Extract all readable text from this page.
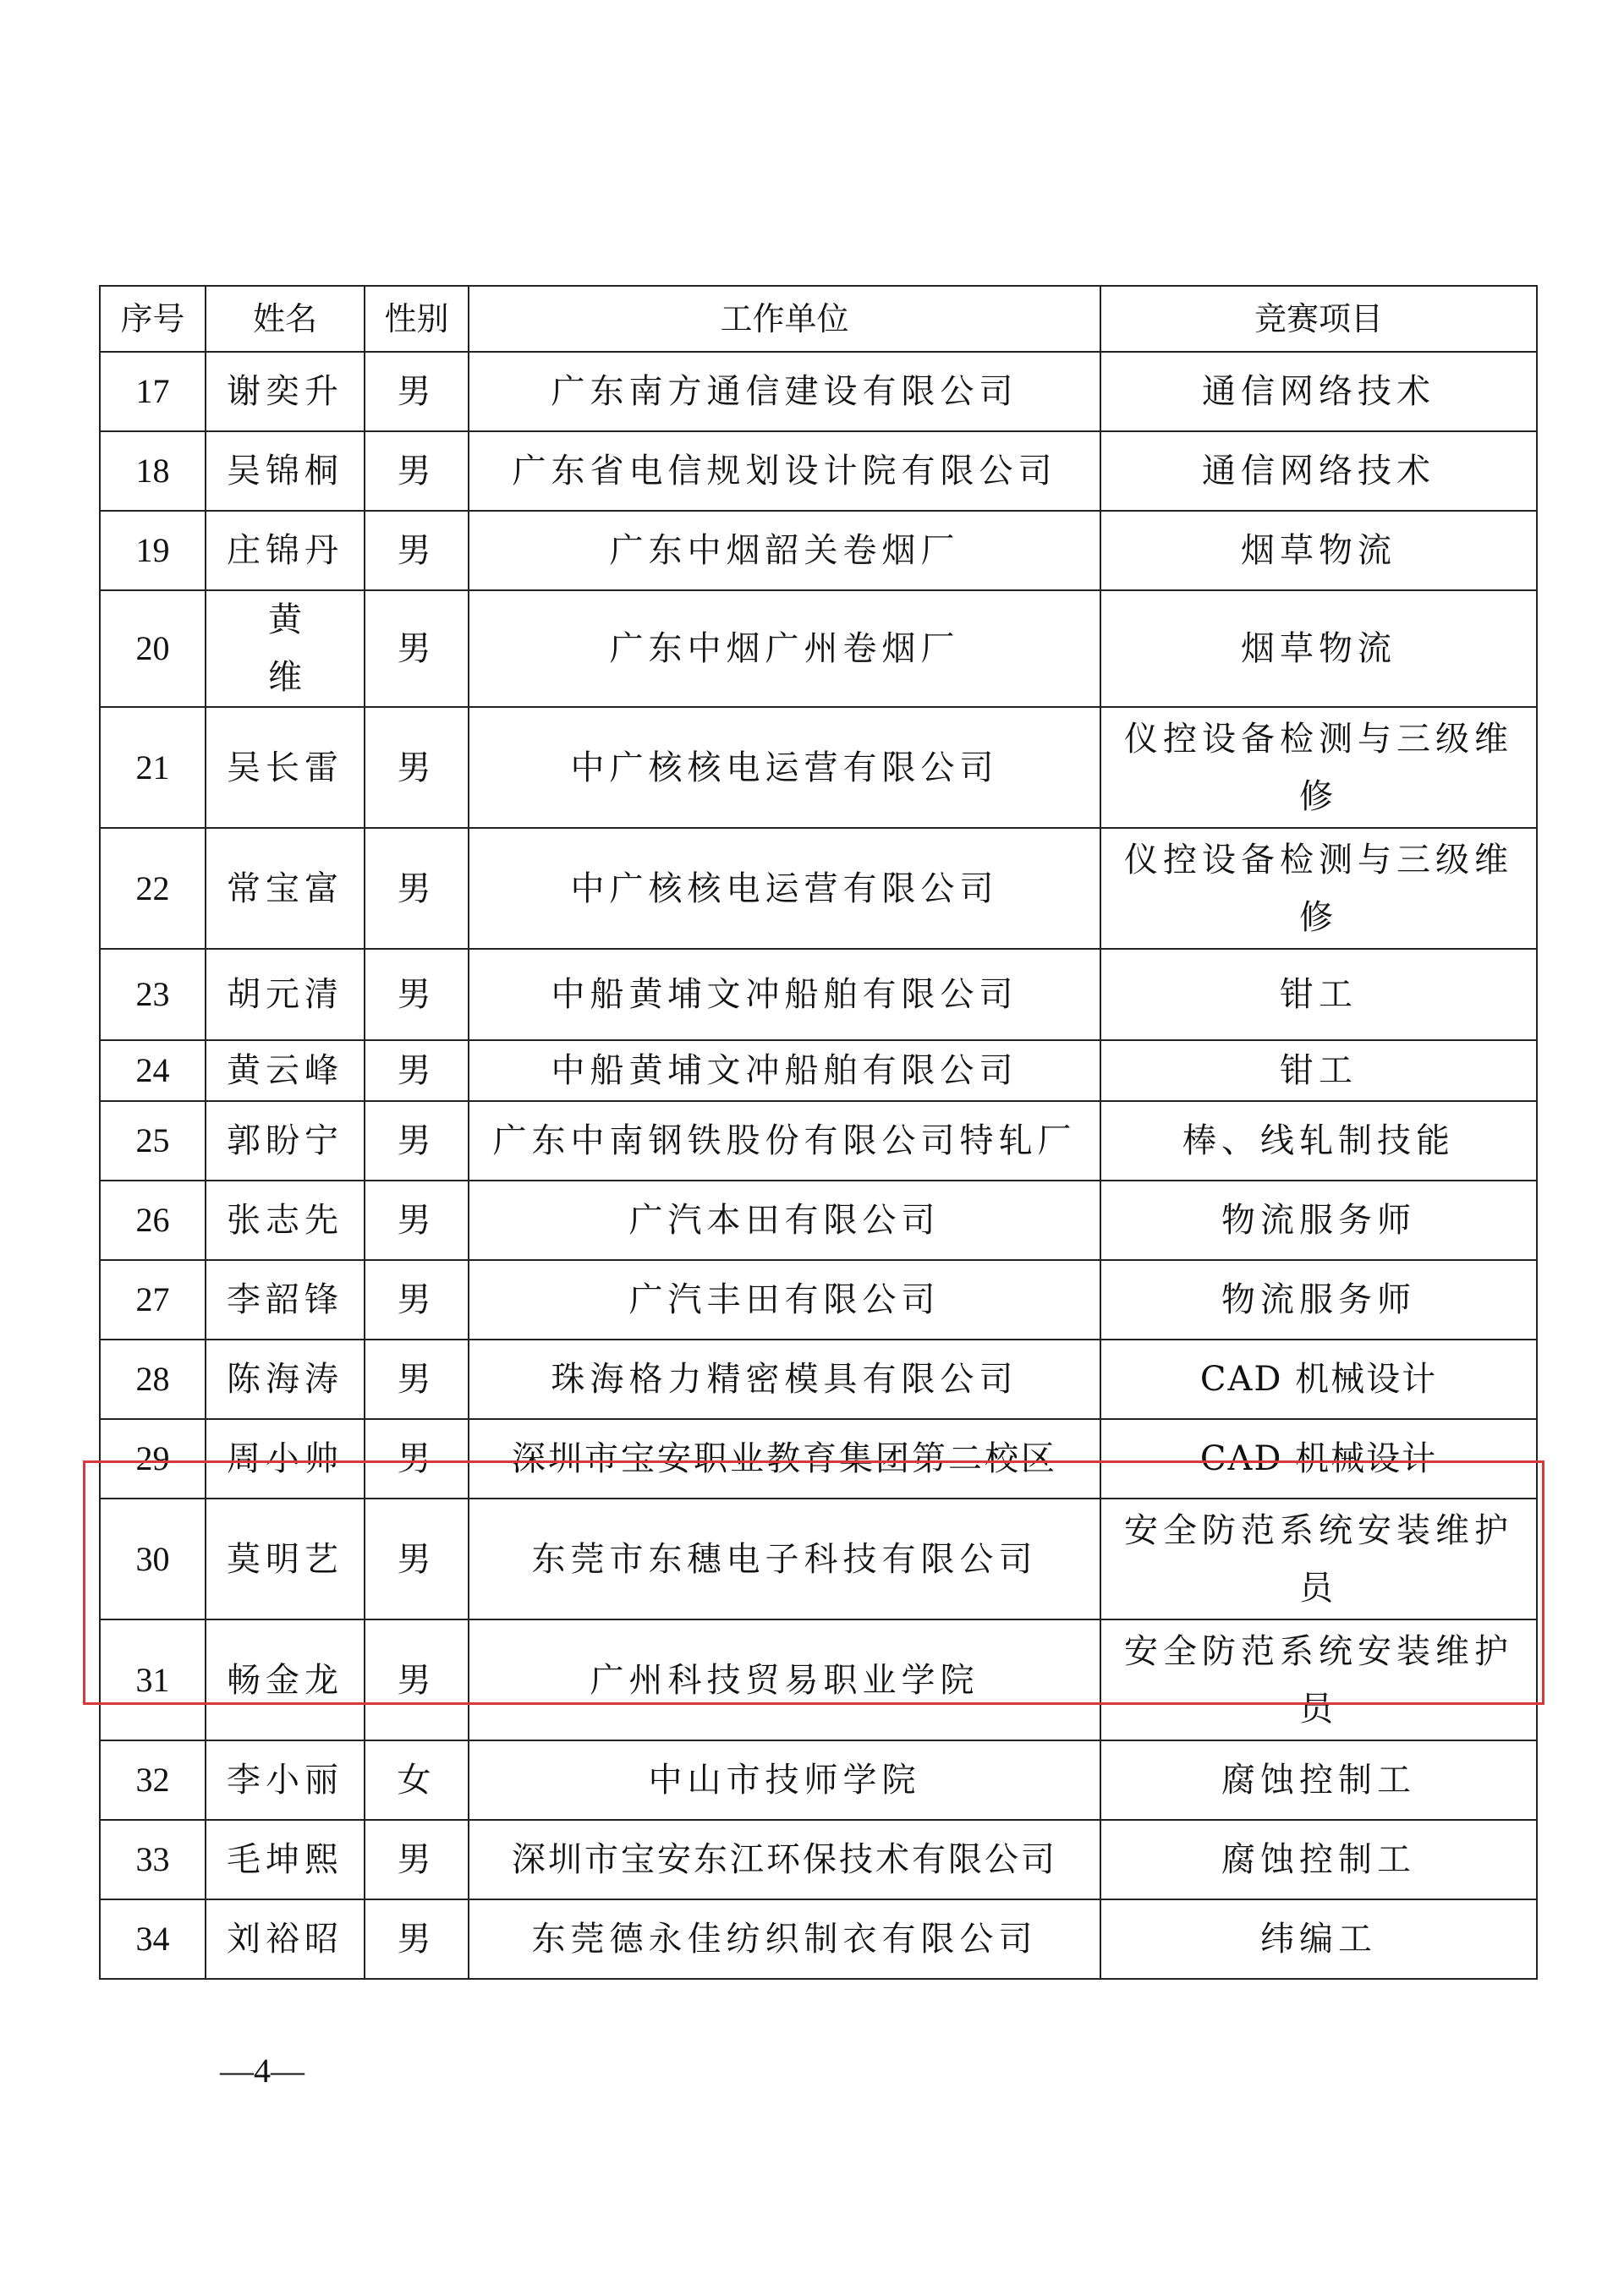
序号	姓名	性别	工作单位	竞赛项目
17	谢奕升	男	广东南方通信建设有限公司	通信网络技术
18	吴锦桐	男	广东省电信规划设计院有限公司	通信网络技术
19	庄锦丹	男	广东中烟韶关卷烟厂	烟草物流
20	黄维	男	广东中烟广州卷烟厂	烟草物流
21	吴长雷	男	中广核核电运营有限公司	仪控设备检测与三级维修
22	常宝富	男	中广核核电运营有限公司	仪控设备检测与三级维修
23	胡元清	男	中船黄埔文冲船舶有限公司	钳工
24	黄云峰	男	中船黄埔文冲船舶有限公司	钳工
25	郭盼宁	男	广东中南钢铁股份有限公司特轧厂	棒、线轧制技能
26	张志先	男	广汽本田有限公司	物流服务师
27	李韶锋	男	广汽丰田有限公司	物流服务师
28	陈海涛	男	珠海格力精密模具有限公司	CAD 机械设计
29	周小帅	男	深圳市宝安职业教育集团第二校区	CAD 机械设计
30	莫明艺	男	东莞市东穗电子科技有限公司	安全防范系统安装维护员
31	畅金龙	男	广州科技贸易职业学院	安全防范系统安装维护员
32	李小丽	女	中山市技师学院	腐蚀控制工
33	毛坤熙	男	深圳市宝安东江环保技术有限公司	腐蚀控制工
34	刘裕昭	男	东莞德永佳纺织制衣有限公司	纬编工
—4—
